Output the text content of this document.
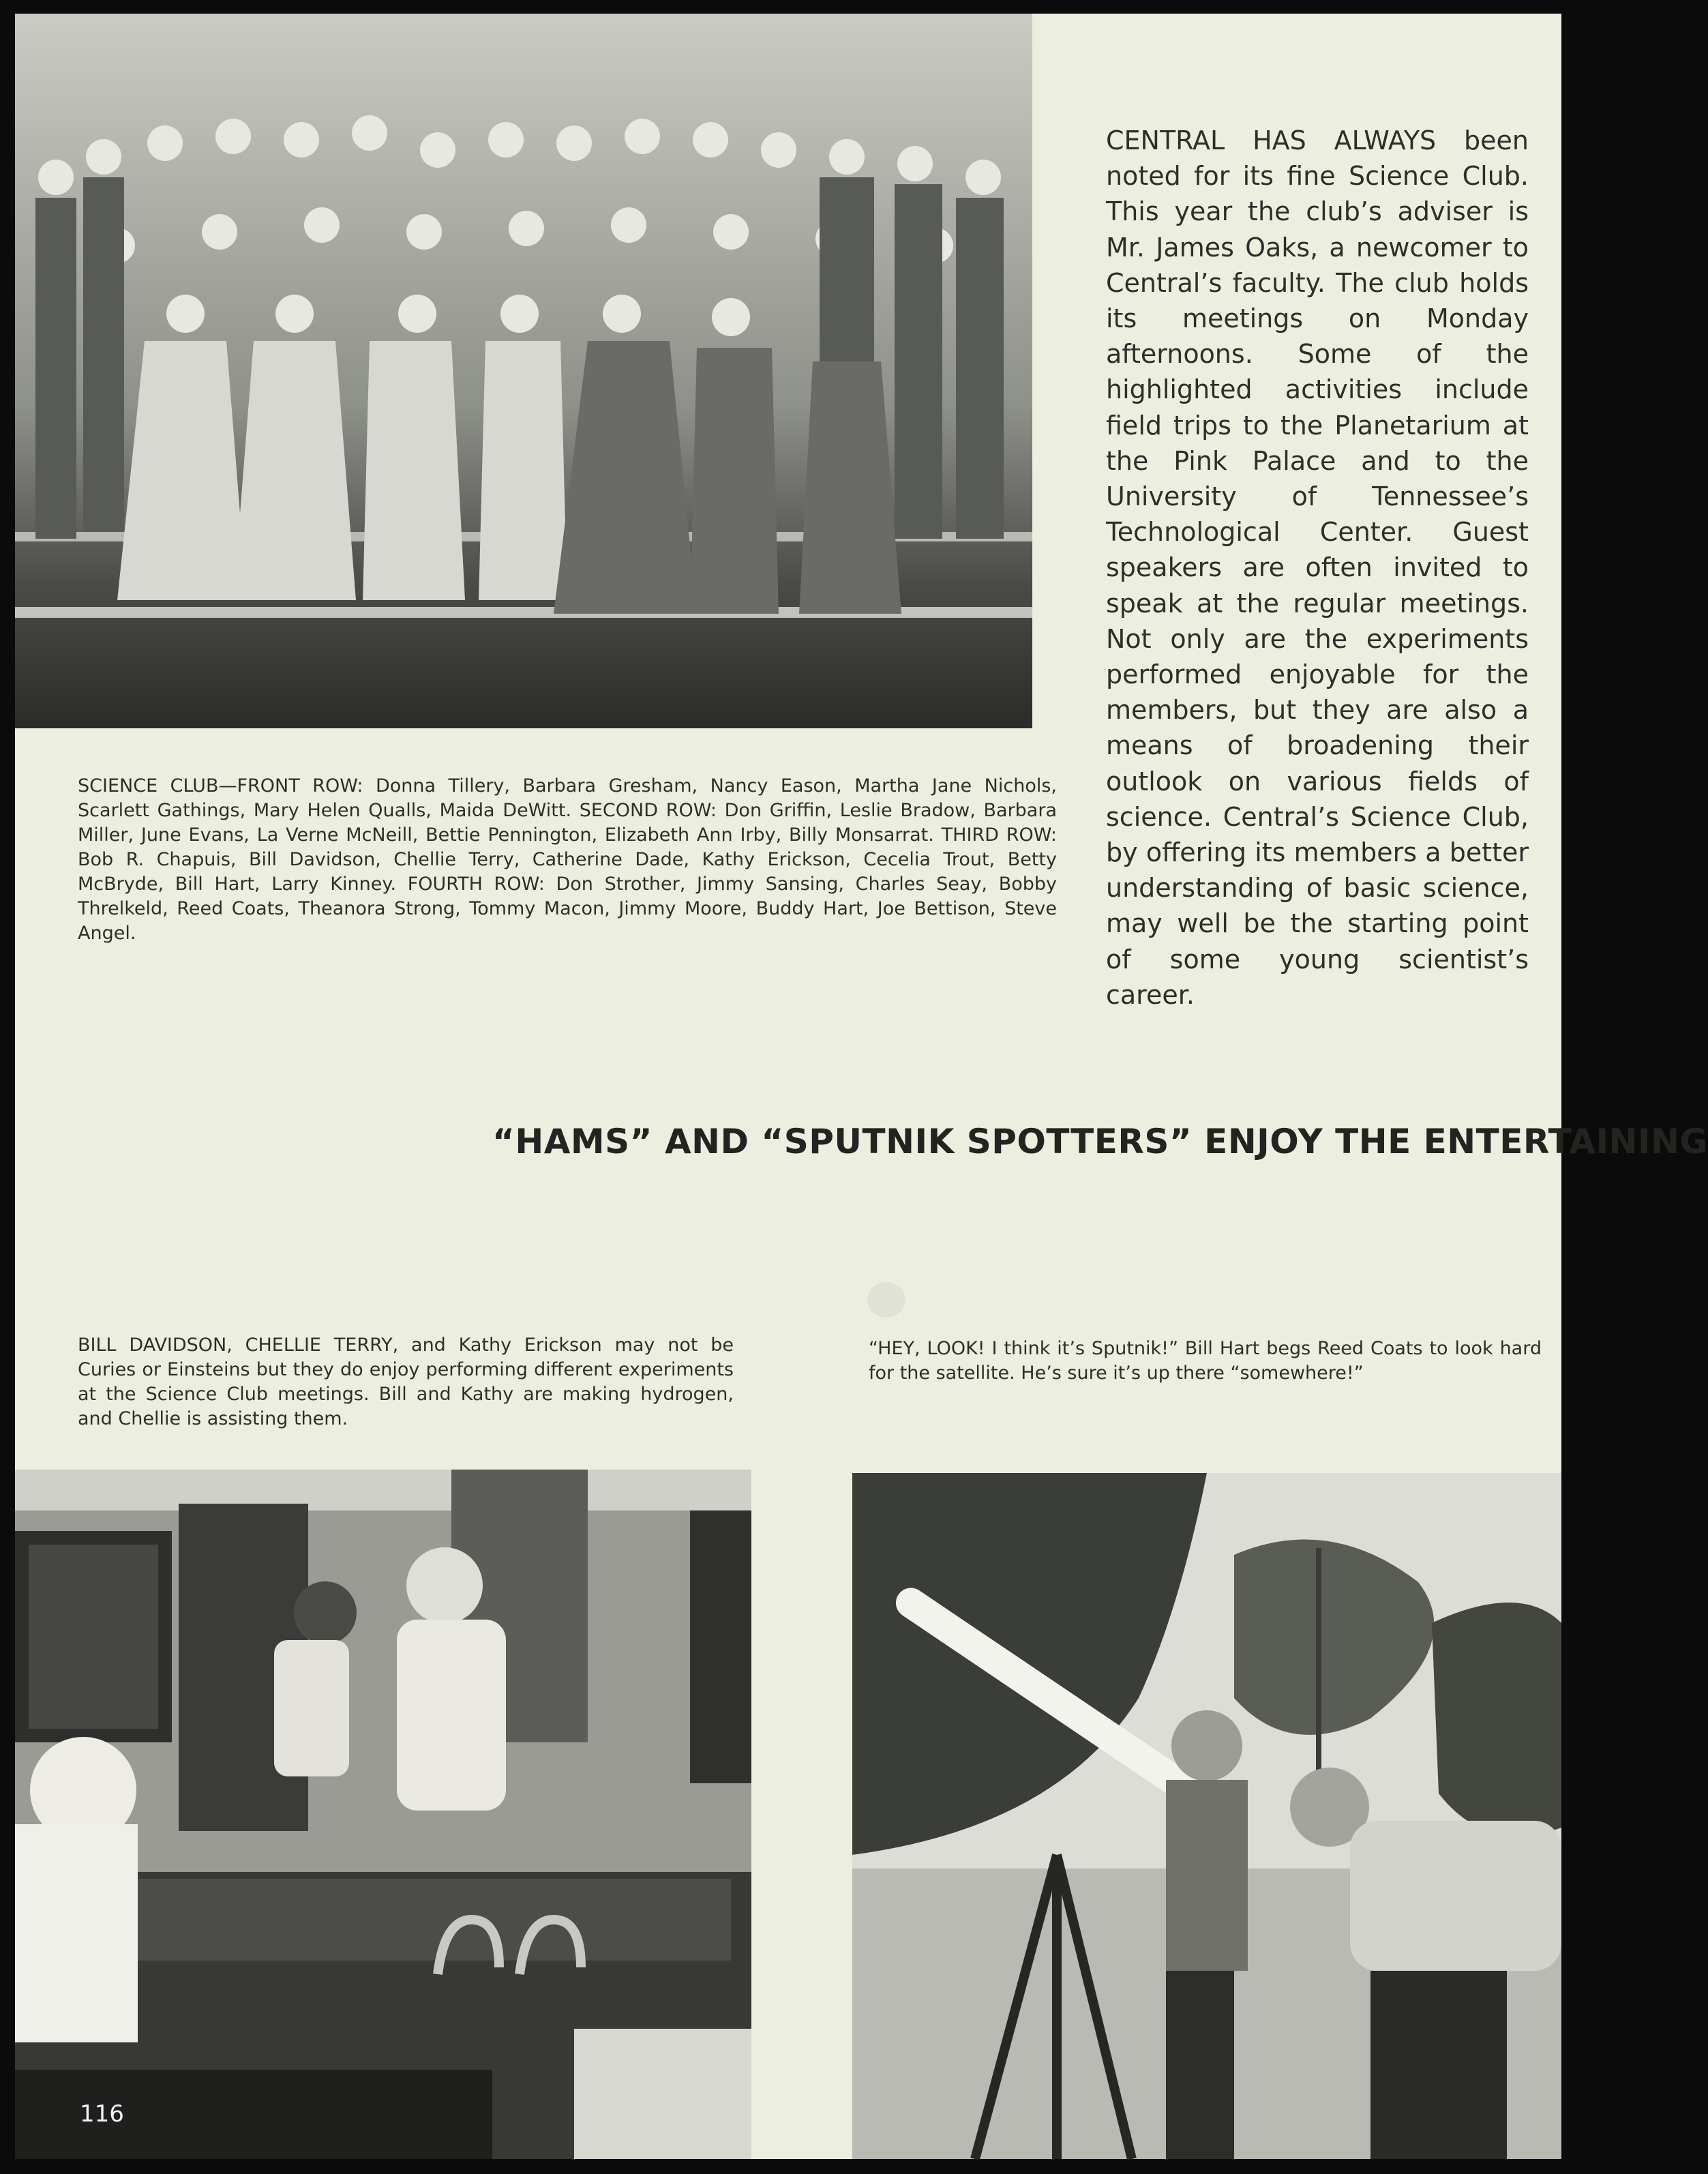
CENTRAL HAS ALWAYS been noted for its fine Science Club. This year the club’s adviser is Mr. James Oaks, a newcomer to Central’s faculty. The club holds its meetings on Monday afternoons. Some of the highlighted activities include field trips to the Planetarium at the Pink Palace and to the University of Tennessee’s Technological Center. Guest speakers are often invited to speak at the regular meetings. Not only are the experiments performed enjoyable for the members, but they are also a means of broadening their outlook on various fields of science. Central’s Science Club, by offering its members a better understanding of basic science, may well be the starting point of some young scientist’s career.

SCIENCE CLUB—FRONT ROW: Donna Tillery, Barbara Gresham, Nancy Eason, Martha Jane Nichols, Scarlett Gathings, Mary Helen Qualls, Maida DeWitt. SECOND ROW: Don Griffin, Leslie Bradow, Barbara Miller, June Evans, La Verne McNeill, Bettie Pennington, Elizabeth Ann Irby, Billy Monsarrat. THIRD ROW: Bob R. Chapuis, Bill Davidson, Chellie Terry, Catherine Dade, Kathy Erickson, Cecelia Trout, Betty McBryde, Bill Hart, Larry Kinney. FOURTH ROW: Don Strother, Jimmy Sansing, Charles Seay, Bobby Threlkeld, Reed Coats, Theanora Strong, Tommy Macon, Jimmy Moore, Buddy Hart, Joe Bettison, Steve Angel.

“HAMS” AND “SPUTNIK SPOTTERS” ENJOY THE ENTERTAINING

BILL DAVIDSON, CHELLIE TERRY, and Kathy Erickson may not be Curies or Einsteins but they do enjoy performing different experiments at the Science Club meetings. Bill and Kathy are making hydrogen, and Chellie is assisting them.

“HEY, LOOK! I think it’s Sputnik!” Bill Hart begs Reed Coats to look hard for the satellite. He’s sure it’s up there “somewhere!”

116
